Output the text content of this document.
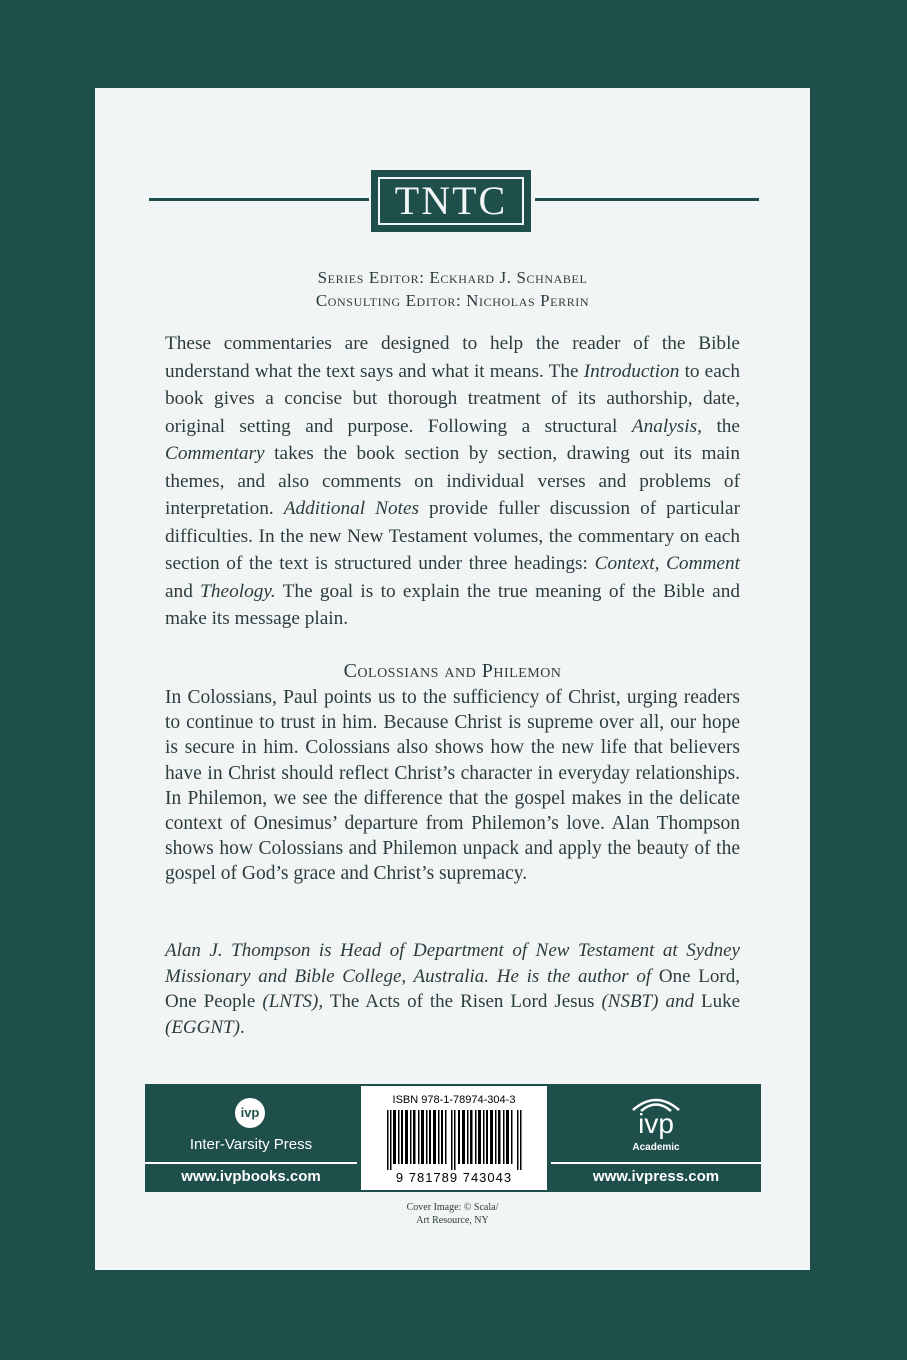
TNTC
Series Editor: Eckhard J. Schnabel
Consulting Editor: Nicholas Perrin

These commentaries are designed to help the reader of the Bible understand what the text says and what it means. The Introduction to each book gives a concise but thorough treatment of its authorship, date, original setting and purpose. Following a structural Analysis, the Commentary takes the book section by section, drawing out its main themes, and also comments on individual verses and problems of interpretation. Additional Notes provide fuller discussion of particular difficulties. In the new New Testament volumes, the commentary on each section of the text is structured under three headings: Context, Comment and Theology. The goal is to explain the true meaning of the Bible and make its message plain.

Colossians and Philemon

In Colossians, Paul points us to the sufficiency of Christ, urging readers to continue to trust in him. Because Christ is supreme over all, our hope is secure in him. Colossians also shows how the new life that believers have in Christ should reflect Christ’s character in everyday relationships. In Philemon, we see the difference that the gospel makes in the delicate context of Onesimus’ departure from Philemon’s love. Alan Thompson shows how Colossians and Philemon unpack and apply the beauty of the gospel of God’s grace and Christ’s supremacy.

Alan J. Thompson is Head of Department of New Testament at Sydney Missionary and Bible College, Australia. He is the author of One Lord, One People (LNTS), The Acts of the Risen Lord Jesus (NSBT) and Luke (EGGNT).

ivp
Inter-Varsity Press
www.ivpbooks.com
ISBN 978-1-78974-304-3
9 781789 743043
ivp
Academic
www.ivpress.com
Cover Image: © Scala/
Art Resource, NY
